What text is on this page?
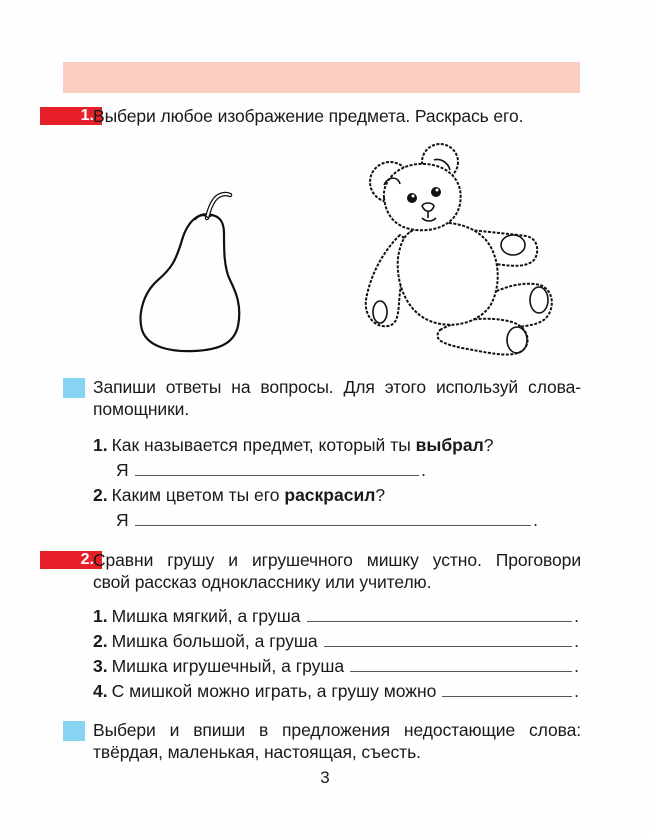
1. Выбери любое изображение предмета. Раскрась его.
Запиши ответы на вопросы. Для этого используй слова-
помощники.
1. Как называется предмет, который ты выбрал ?
Я	.
2. Каким цветом ты его раскрасил ?
Я	.
2. Сравни грушу и игрушечного мишку устно. Проговори
свой рассказ однокласснику или учителю.
1. Мишка мягкий, а груша	.
2. Мишка большой, а груша	.
3. Мишка игрушечный, а груша	.
4. С мишкой можно играть, а грушу можно	.
Выбери и впиши в предложения недостающие слова:
твёрдая, маленькая, настоящая, съесть.
3
